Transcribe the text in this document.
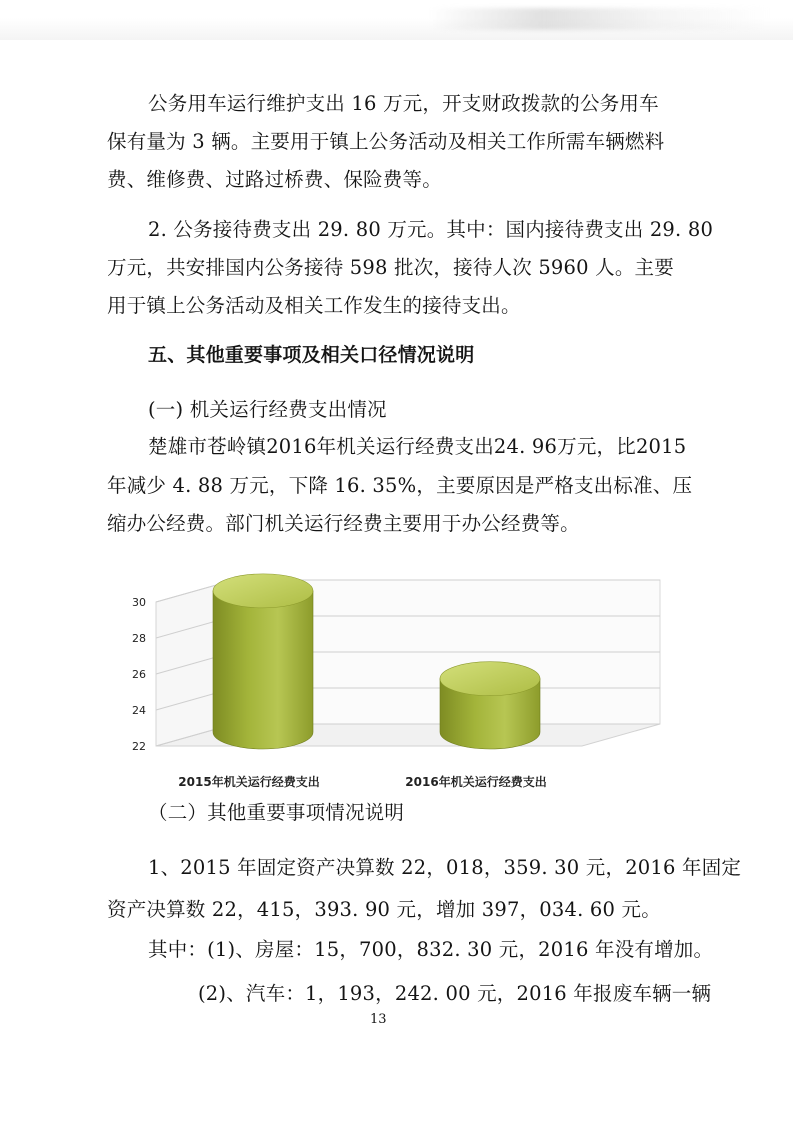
公务用车运行维护支出 16 万元，开支财政拨款的公务用车
保有量为 3 辆。主要用于镇上公务活动及相关工作所需车辆燃料
费、维修费、过路过桥费、保险费等。
2. 公务接待费支出 29. 80 万元。其中：国内接待费支出 29. 80
万元，共安排国内公务接待 598 批次，接待人次 5960 人。主要
用于镇上公务活动及相关工作发生的接待支出。
五、其他重要事项及相关口径情况说明
(一) 机关运行经费支出情况
楚雄市苍岭镇2016年机关运行经费支出24. 96万元，比2015
年减少 4. 88 万元，下降 16. 35%，主要原因是严格支出标准、压
缩办公经费。部门机关运行经费主要用于办公经费等。
22
24
26
28
30
2015年机关运行经费支出	2016年机关运行经费支出
（二）其他重要事项情况说明
1、2015 年固定资产决算数 22，018，359. 30 元，2016 年固定
资产决算数 22，415，393. 90 元，增加 397，034. 60 元。
其中：(1)、房屋：15，700，832. 30 元，2016 年没有增加。
(2)、汽车：1，193，242. 00 元，2016 年报废车辆一辆
13
